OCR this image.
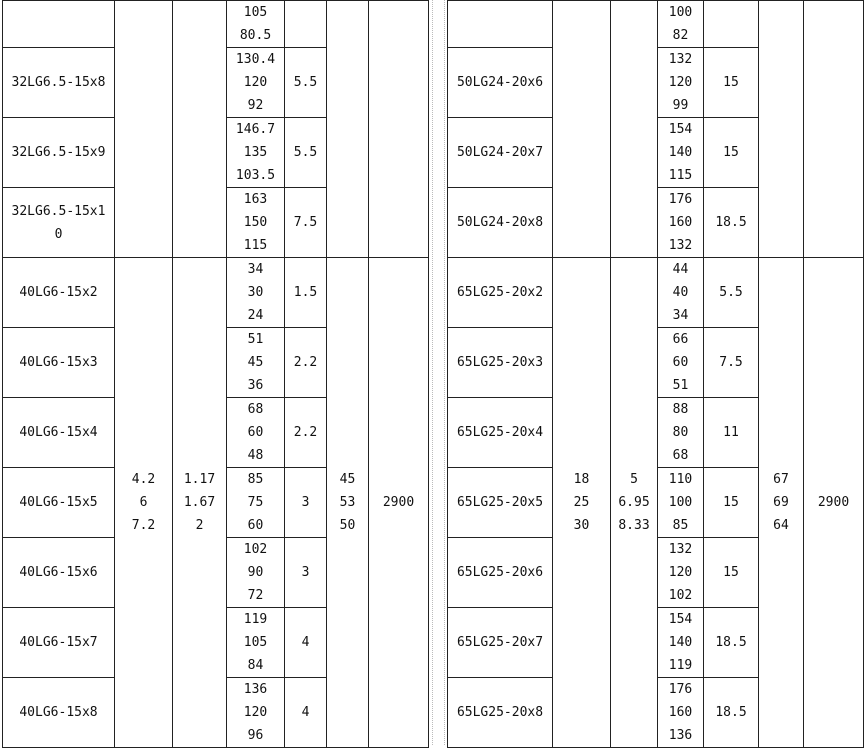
			105
80.5			
32LG6.5-15x8			130.4
120
92	5.5		
32LG6.5-15x9			146.7
135
103.5	5.5		
32LG6.5-15x1
0			163
150
115	7.5		
40LG6-15x2	4.2
6
7.2	1.17
1.67
2	34
30
24	1.5	45
53
50	2900
40LG6-15x3			51
45
36	2.2		
40LG6-15x4			68
60
48	2.2		
40LG6-15x5			85
75
60	3		
40LG6-15x6			102
90
72	3		
40LG6-15x7			119
105
84	4		
40LG6-15x8			136
120
96	4		
			100
82			
50LG24-20x6			132
120
99	15		
50LG24-20x7			154
140
115	15		
50LG24-20x8			176
160
132	18.5		
65LG25-20x2	18
25
30	5
6.95
8.33	44
40
34	5.5	67
69
64	2900
65LG25-20x3			66
60
51	7.5		
65LG25-20x4			88
80
68	11		
65LG25-20x5			110
100
85	15		
65LG25-20x6			132
120
102	15		
65LG25-20x7			154
140
119	18.5		
65LG25-20x8			176
160
136	18.5		
